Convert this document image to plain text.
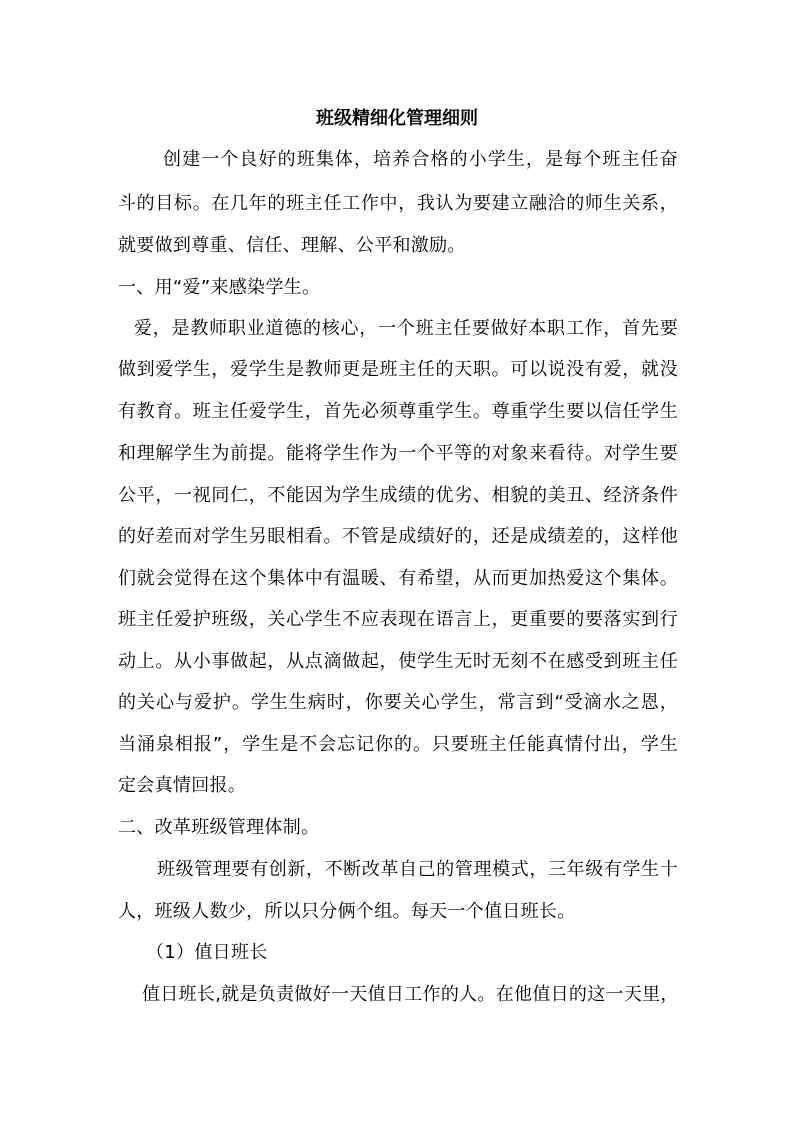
班级精细化管理细则
创建一个良好的班集体，培养合格的小学生，是每个班主任奋
斗的目标。在几年的班主任工作中，我认为要建立融洽的师生关系，
就要做到尊重、信任、理解、公平和激励。
一、用“爱”来感染学生。
爱，是教师职业道德的核心，一个班主任要做好本职工作，首先要
做到爱学生，爱学生是教师更是班主任的天职。可以说没有爱，就没
有教育。班主任爱学生，首先必须尊重学生。尊重学生要以信任学生
和理解学生为前提。能将学生作为一个平等的对象来看待。对学生要
公平，一视同仁，不能因为学生成绩的优劣、相貌的美丑、经济条件
的好差而对学生另眼相看。不管是成绩好的，还是成绩差的，这样他
们就会觉得在这个集体中有温暖、有希望，从而更加热爱这个集体。
班主任爱护班级，关心学生不应表现在语言上，更重要的要落实到行
动上。从小事做起，从点滴做起，使学生无时无刻不在感受到班主任
的关心与爱护。学生生病时，你要关心学生，常言到“受滴水之恩，
当涌泉相报”，学生是不会忘记你的。只要班主任能真情付出，学生
定会真情回报。
二、改革班级管理体制。
班级管理要有创新，不断改革自己的管理模式，三年级有学生十
人，班级人数少，所以只分俩个组。每天一个值日班长。
（1）值日班长
值日班长,就是负责做好一天值日工作的人。在他值日的这一天里，
